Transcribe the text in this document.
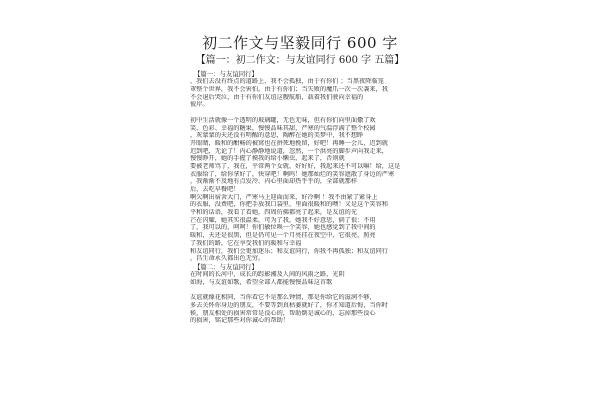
初二作文与坚毅同行 600 字
【篇一：初二作文：与友谊同行 600 字 五篇】
【篇一：与友谊同行】
，我们去没有终点的道路上，我不会孤独，由于有你们 ；当黑夜降临笼
罩整个世界，我不会害怕，由于有你们；当失败的魔爪一次一次袭来，我
不会退后哭泣，由于有你们友谊这艘航船，载着我们驶向幸福的
彼岸。

初中生活就像一个透明的玻璃罐，无色无味，但有你们向里面撒了欢
笑、色彩、幸福的糖果，慢慢品味其甜，严寒的气温浮满了整个校园
，灰蒙蒙的天还没有明醒的意思，陶醉在她的美梦中，我不想睁
开眼睛，暖和的酣畅的被窝也在拼死地挽留，好吧！再睡一会儿，迟到就
迟到吧，无论了！内心静静地说道，忽然，一个洪亮的脚步声向我走来，
慢慢睁开，她的手握了摸我的给小懒虫，起来了，否则就
要被老师骂了，我在，平常两个女就，好好好，我起来还不可以嘛！给，这是
衣服给了，给你拿好了，快穿吧！啊呜！她那灿烂的笑容遮散了身边的严寒
，我渐渐不及地有点发冷，内心里面却热乎乎的，全部就那样
后，去吃早餐吧！
啊欠啊出宿舍大门，严寒马上迎面而来，好冷啊 ！我不由紧了紧身上
的衣服，没费吧，你把手放我口袋里，里面很暖和的噢！又是这个笑容和
平和的话语，我看了看她，四周仿佛都亮了起来，是友谊的光
芒在闪耀，她其实很温柔，可为了我，她我不好意思，倘了很：不用
了，我可以的，呵呵！你们敏位唤一个笑容，她也感觉到了我中间的
暖和，天还是很黑，但是仍可见一个月亮挂在夜空中，它很亮，照亮
了我们的路，它在享受我们的暖和与幸福
和友谊同行，我们会更加迷乐；和友谊同行，你我不再孤独；和友谊同行
，昌生命永久都出色无穷。
【篇二：与友谊同行】
在时间的长河中，成长的踪影湘及人间的风雨之路，光阴
如海，与友谊如歌，希望全部人都能慢慢品味这首歌

友谊就像花相同，当你看它不是那么钟情，那是你给它的滋润不够，
多去关怀你身边的朋友，不要等到真枯萎就好了，你才知道后悔，当你时
候，朋友相处的损害常常是没心的，帮助倒是诚心的，忘掉那些没心
的损害，铭记那些对你诚心的帮助！
